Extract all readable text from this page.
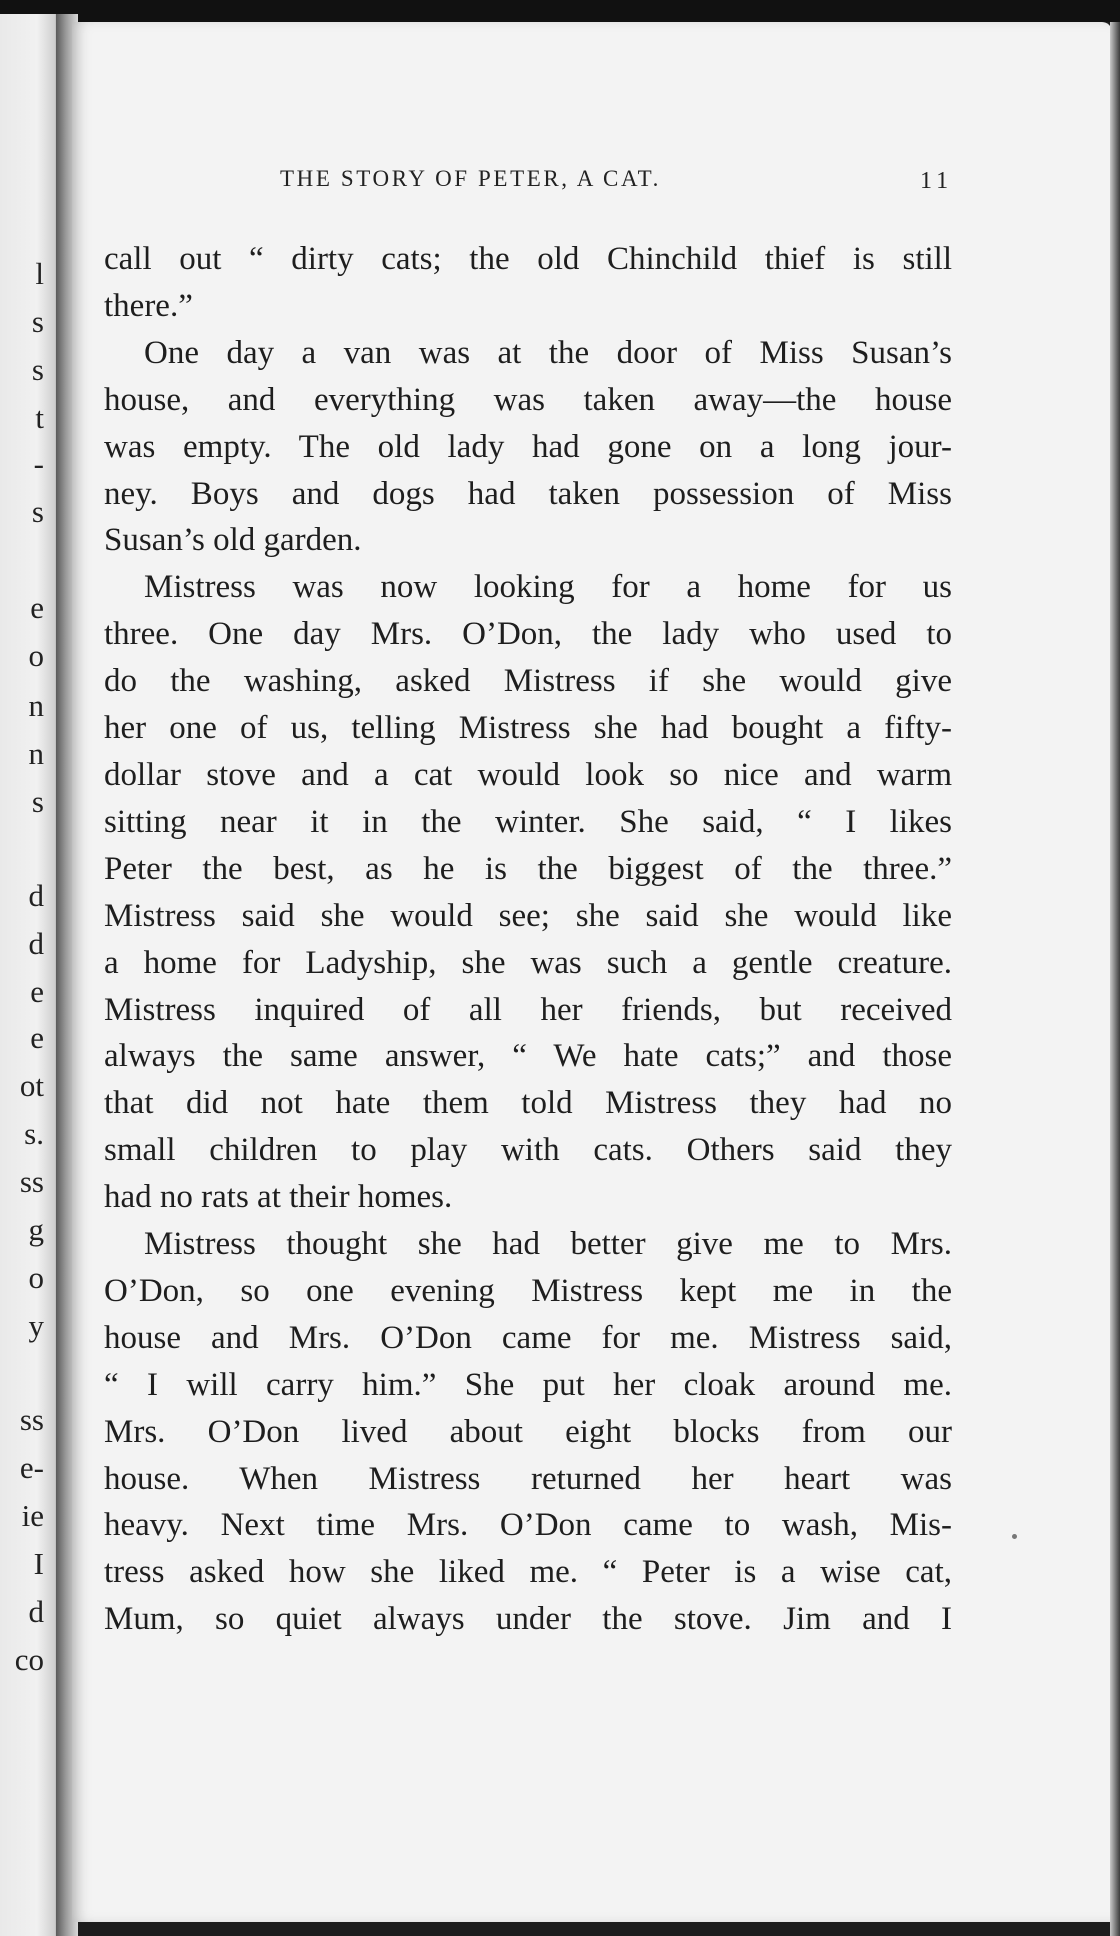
l
s
s
t
-
s
e
o
n
n
s
d
d
e
e
ot
s.
ss
g
o
y
ss
e-
ie
I
d
co
THE STORY OF PETER, A CAT.	11
call out “ dirty cats; the old Chinchild thief is still
there.”
One day a van was at the door of Miss Susan’s
house, and everything was taken away—the house
was empty. The old lady had gone on a long jour-
ney. Boys and dogs had taken possession of Miss
Susan’s old garden.
Mistress was now looking for a home for us
three. One day Mrs. O’Don, the lady who used to
do the washing, asked Mistress if she would give
her one of us, telling Mistress she had bought a fifty-
dollar stove and a cat would look so nice and warm
sitting near it in the winter. She said, “ I likes
Peter the best, as he is the biggest of the three.”
Mistress said she would see; she said she would like
a home for Ladyship, she was such a gentle creature.
Mistress inquired of all her friends, but received
always the same answer, “ We hate cats;” and those
that did not hate them told Mistress they had no
small children to play with cats. Others said they
had no rats at their homes.
Mistress thought she had better give me to Mrs.
O’Don, so one evening Mistress kept me in the
house and Mrs. O’Don came for me. Mistress said,
“ I will carry him.” She put her cloak around me.
Mrs. O’Don lived about eight blocks from our
house. When Mistress returned her heart was
heavy. Next time Mrs. O’Don came to wash, Mis-
tress asked how she liked me. “ Peter is a wise cat,
Mum, so quiet always under the stove. Jim and I
